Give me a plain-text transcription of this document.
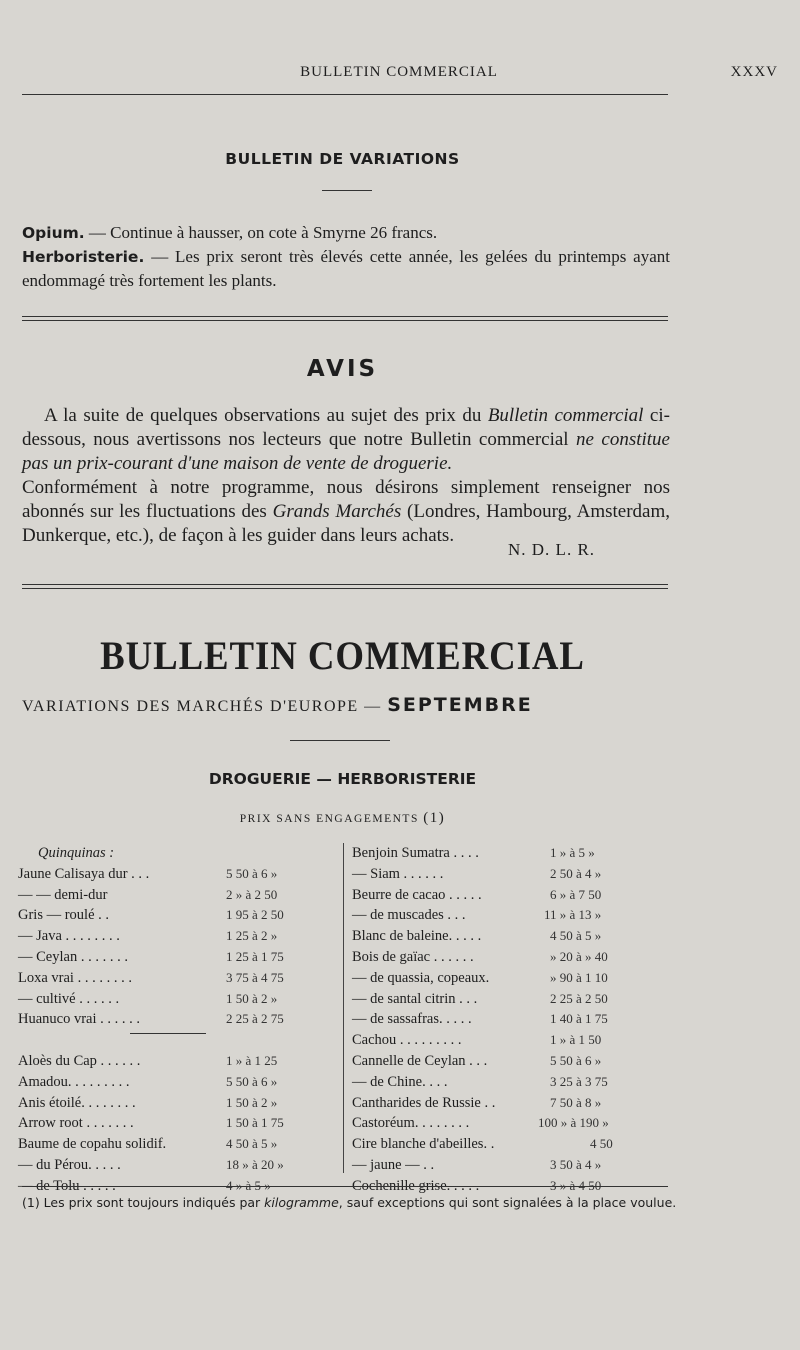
BULLETIN COMMERCIAL	XXXV
BULLETIN DE VARIATIONS
Opium. — Continue à hausser, on cote à Smyrne 26 francs.
Herboristerie. — Les prix seront très élevés cette année, les gelées du printemps ayant endommagé très fortement les plants.
AVIS

A la suite de quelques observations au sujet des prix du Bulletin commercial ci-dessous, nous avertissons nos lecteurs que notre Bulletin commercial ne constitue pas un prix-courant d'une maison de vente de droguerie.

Conformément à notre programme, nous désirons simplement renseigner nos abonnés sur les fluctuations des Grands Marchés (Londres, Hambourg, Amsterdam, Dunkerque, etc.), de façon à les guider dans leurs achats.

N. D. L. R.
BULLETIN COMMERCIAL
VARIATIONS DES MARCHÉS D'EUROPE — SEPTEMBRE
DROGUERIE — HERBORISTERIE
PRIX SANS ENGAGEMENTS (1)
Quinquinas :
Jaune Calisaya dur . . .	5 50 à 6 »
— — demi-dur	2 » à 2 50
Gris — roulé . .	1 95 à 2 50
— Java . . . . . . . .	1 25 à 2 »
— Ceylan . . . . . . .	1 25 à 1 75
Loxa vrai . . . . . . . .	3 75 à 4 75
— cultivé . . . . . .	1 50 à 2 »
Huanuco vrai . . . . . .	2 25 à 2 75
Aloès du Cap . . . . . .	1 » à 1 25
Amadou. . . . . . . . .	5 50 à 6 »
Anis étoilé. . . . . . . .	1 50 à 2 »
Arrow root . . . . . . .	1 50 à 1 75
Baume de copahu solidif.	4 50 à 5 »
— du Pérou. . . . .	18 » à 20 »
— de Tolu . . . . .	4 » à 5 »
Benjoin Sumatra . . . .	1 » à 5 »
— Siam . . . . . .	2 50 à 4 »
Beurre de cacao . . . . .	6 » à 7 50
— de muscades . . .	11 » à 13 »
Blanc de baleine. . . . .	4 50 à 5 »
Bois de gaïac . . . . . .	» 20 à » 40
— de quassia, copeaux.	» 90 à 1 10
— de santal citrin . . .	2 25 à 2 50
— de sassafras. . . . .	1 40 à 1 75
Cachou . . . . . . . . .	1 » à 1 50
Cannelle de Ceylan . . .	5 50 à 6 »
— de Chine. . . .	3 25 à 3 75
Cantharides de Russie . .	7 50 à 8 »
Castoréum. . . . . . . .	100 » à 190 »
Cire blanche d'abeilles. .	4 50
— jaune — . .	3 50 à 4 »
Cochenille grise. . . . .	3 » à 4 50
(1) Les prix sont toujours indiqués par kilogramme, sauf exceptions qui sont signalées à la place voulue.
